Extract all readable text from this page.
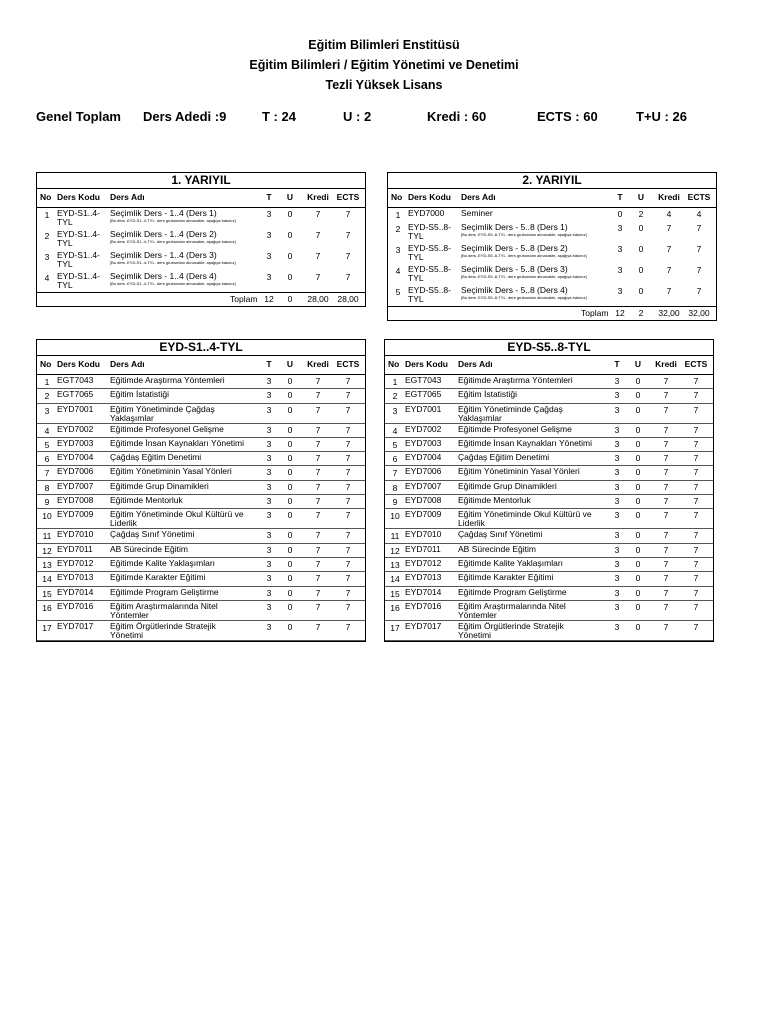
Eğitim Bilimleri Enstitüsü
Eğitim Bilimleri / Eğitim Yönetimi ve Denetimi
Tezli Yüksek Lisans
Genel Toplam Ders Adedi :9	T : 24	U : 2	Kredi : 60	ECTS : 60	T+U : 26
1. YARIYIL
No Ders Kodu Ders Adı	T	U	Kredi ECTS
1 EYD-S1..4-
TYL
Seçimlik Ders - 1..4 (Ders 1)	3	0	7	7
[Bu ders .EYD-S1..4-TYL. ders grubundan alınacaktır, aşağıya bakınız]
2 EYD-S1..4-
TYL
Seçimlik Ders - 1..4 (Ders 2)	3	0	7	7
[Bu ders .EYD-S1..4-TYL. ders grubundan alınacaktır, aşağıya bakınız]
3 EYD-S1..4-
TYL
Seçimlik Ders - 1..4 (Ders 3)	3	0	7	7
[Bu ders .EYD-S1..4-TYL. ders grubundan alınacaktır, aşağıya bakınız]
4 EYD-S1..4-
TYL
Seçimlik Ders - 1..4 (Ders 4)	3	0	7	7
[Bu ders .EYD-S1..4-TYL. ders grubundan alınacaktır, aşağıya bakınız]
Toplam 12	0	28,00	28,00
2. YARIYIL
No Ders Kodu Ders Adı	T	U	Kredi ECTS
1 EYD7000 Seminer	0	2	4	4
2 EYD-S5..8-
TYL
Seçimlik Ders - 5..8 (Ders 1)	3	0	7	7
[Bu ders .EYD-S5..8-TYL. ders grubundan alınacaktır, aşağıya bakınız]
3 EYD-S5..8-
TYL
Seçimlik Ders - 5..8 (Ders 2)	3	0	7	7
[Bu ders .EYD-S5..8-TYL. ders grubundan alınacaktır, aşağıya bakınız]
4 EYD-S5..8-
TYL
Seçimlik Ders - 5..8 (Ders 3)	3	0	7	7
[Bu ders .EYD-S5..8-TYL. ders grubundan alınacaktır, aşağıya bakınız]
5 EYD-S5..8-
TYL
Seçimlik Ders - 5..8 (Ders 4)	3	0	7	7
[Bu ders .EYD-S5..8-TYL. ders grubundan alınacaktır, aşağıya bakınız]
Toplam 12	2	32,00	32,00
EYD-S1..4-TYL
No Ders Kodu Ders Adı	T	U	Kredi ECTS
1 EGT7043 Eğitimde Araştırma Yöntemleri	3	0	7	7
2 EGT7065 Eğitim İstatistiği	3	0	7	7
3 EYD7001 Eğitim Yönetiminde Çağdaş
Yaklaşımlar
3	0	7	7
4 EYD7002 Eğitimde Profesyonel Gelişme	3	0	7	7
5 EYD7003 Eğitimde İnsan Kaynakları Yönetimi	3	0	7	7
6 EYD7004 Çağdaş Eğitim Denetimi	3	0	7	7
7 EYD7006 Eğitim Yönetiminin Yasal Yönleri	3	0	7	7
8 EYD7007 Eğitimde Grup Dinamikleri	3	0	7	7
9 EYD7008 Eğitimde Mentorluk	3	0	7	7
10 EYD7009 Eğitim Yönetiminde Okul Kültürü ve
Liderlik
3	0	7	7
11 EYD7010 Çağdaş Sınıf Yönetimi	3	0	7	7
12 EYD7011 AB Sürecinde Eğitim	3	0	7	7
13 EYD7012 Eğitimde Kalite Yaklaşımları	3	0	7	7
14 EYD7013 Eğitimde Karakter Eğitimi	3	0	7	7
15 EYD7014 Eğitimde Program Geliştirme	3	0	7	7
16 EYD7016 Eğitim Araştırmalarında Nitel
Yöntemler
3	0	7	7
17 EYD7017 Eğitim Örgütlerinde Stratejik
Yönetimi
3	0	7	7
EYD-S5..8-TYL
No Ders Kodu Ders Adı	T	U	Kredi ECTS
1 EGT7043 Eğitimde Araştırma Yöntemleri	3	0	7	7
2 EGT7065 Eğitim İstatistiği	3	0	7	7
3 EYD7001 Eğitim Yönetiminde Çağdaş
Yaklaşımlar
3	0	7	7
4 EYD7002 Eğitimde Profesyonel Gelişme	3	0	7	7
5 EYD7003 Eğitimde İnsan Kaynakları Yönetimi	3	0	7	7
6 EYD7004 Çağdaş Eğitim Denetimi	3	0	7	7
7 EYD7006 Eğitim Yönetiminin Yasal Yönleri	3	0	7	7
8 EYD7007 Eğitimde Grup Dinamikleri	3	0	7	7
9 EYD7008 Eğitimde Mentorluk	3	0	7	7
10 EYD7009 Eğitim Yönetiminde Okul Kültürü ve
Liderlik
3	0	7	7
11 EYD7010 Çağdaş Sınıf Yönetimi	3	0	7	7
12 EYD7011 AB Sürecinde Eğitim	3	0	7	7
13 EYD7012 Eğitimde Kalite Yaklaşımları	3	0	7	7
14 EYD7013 Eğitimde Karakter Eğitimi	3	0	7	7
15 EYD7014 Eğitimde Program Geliştirme	3	0	7	7
16 EYD7016 Eğitim Araştırmalarında Nitel
Yöntemler
3	0	7	7
17 EYD7017 Eğitim Örgütlerinde Stratejik
Yönetimi
3	0	7	7
